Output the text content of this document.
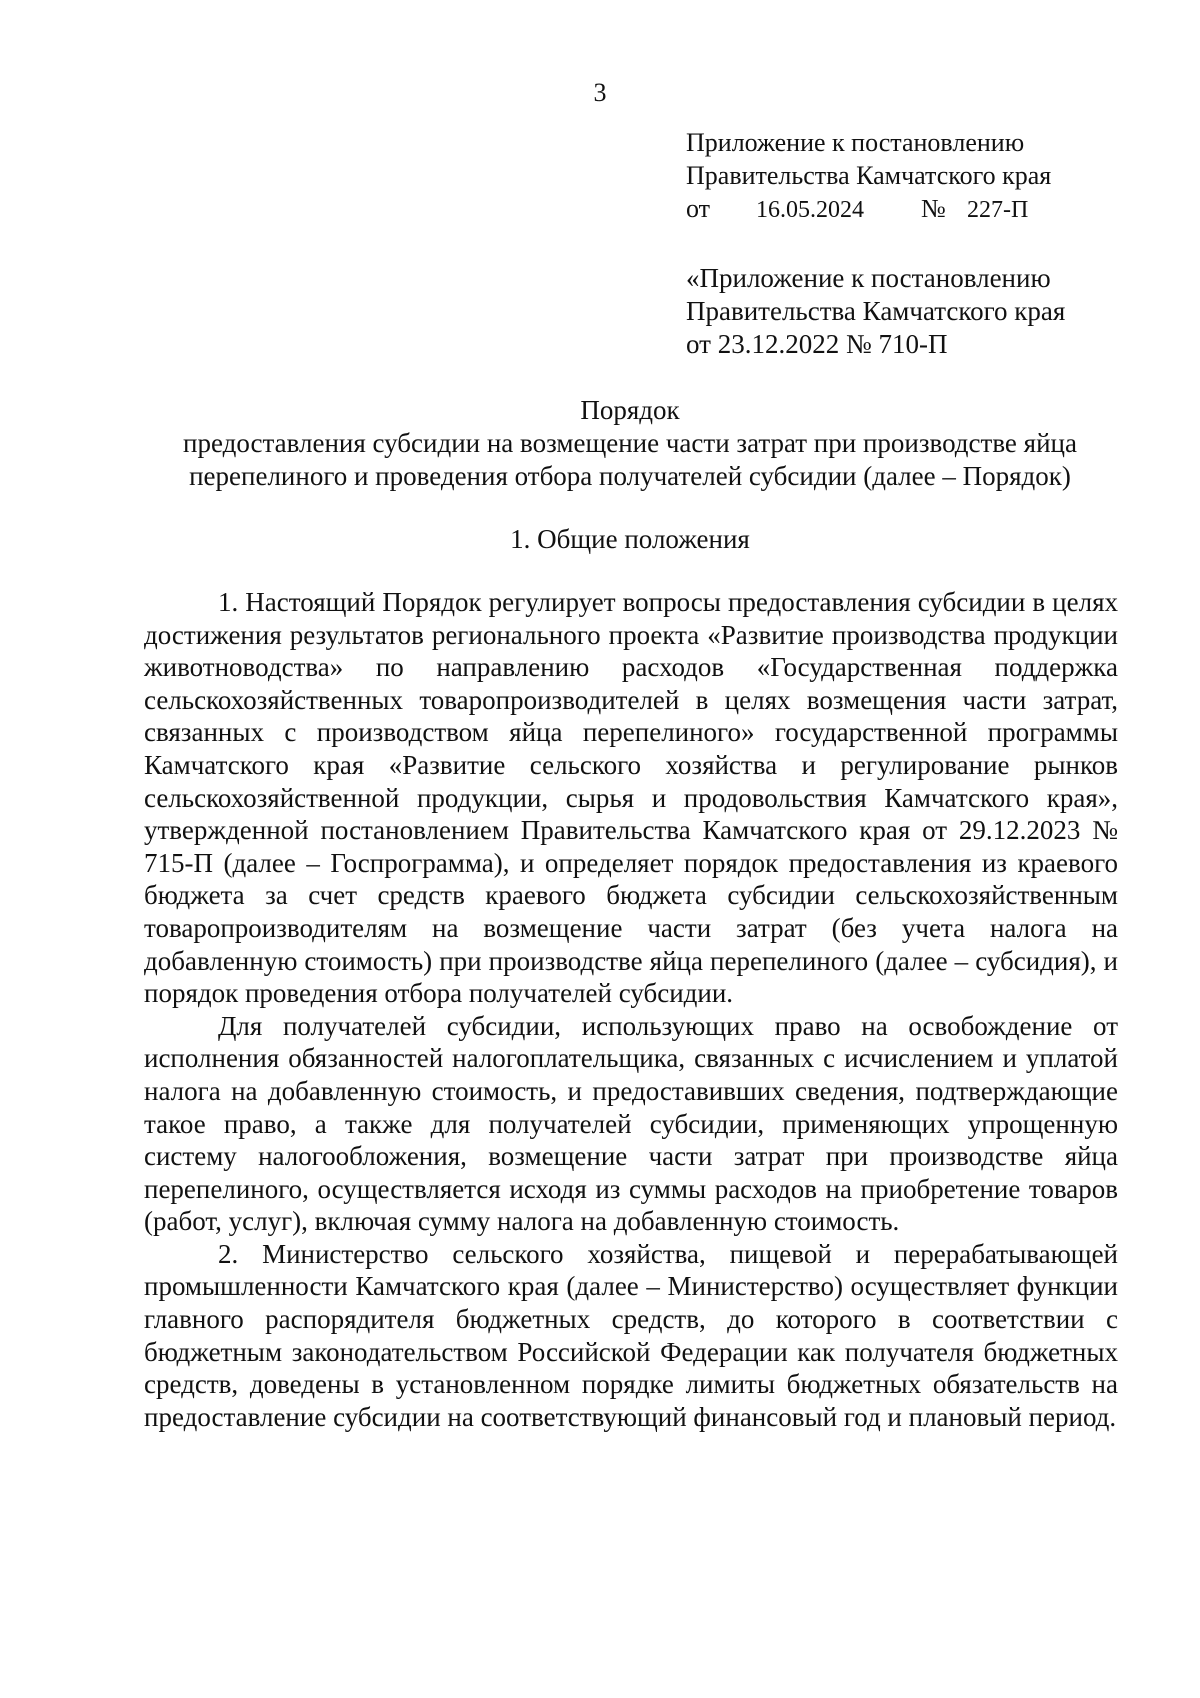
3
Приложение к постановлению
Правительства Камчатского края
от 16.05.2024 № 227-П
«Приложение к постановлению
Правительства Камчатского края
от 23.12.2022 № 710-П
Порядок
предоставления субсидии на возмещение части затрат при производстве яйца
перепелиного и проведения отбора получателей субсидии (далее – Порядок)
1. Общие положения

1. Настоящий Порядок регулирует вопросы предоставления субсидии в целях достижения результатов регионального проекта «Развитие производства продукции животноводства» по направлению расходов «Государственная поддержка сельскохозяйственных товаропроизводителей в целях возмещения части затрат, связанных с производством яйца перепелиного» государственной программы Камчатского края «Развитие сельского хозяйства и регулирование рынков сельскохозяйственной продукции, сырья и продовольствия Камчатского края», утвержденной постановлением Правительства Камчатского края от 29.12.2023 № 715-П (далее – Госпрограмма), и определяет порядок предоставления из краевого бюджета за счет средств краевого бюджета субсидии сельскохозяйственным товаропроизводителям на возмещение части затрат (без учета налога на добавленную стоимость) при производстве яйца перепелиного (далее – субсидия), и порядок проведения отбора получателей субсидии.

Для получателей субсидии, использующих право на освобождение от исполнения обязанностей налогоплательщика, связанных с исчислением и уплатой налога на добавленную стоимость, и предоставивших сведения, подтверждающие такое право, а также для получателей субсидии, применяющих упрощенную систему налогообложения, возмещение части затрат при производстве яйца перепелиного, осуществляется исходя из суммы расходов на приобретение товаров (работ, услуг), включая сумму налога на добавленную стоимость.

2. Министерство сельского хозяйства, пищевой и перерабатывающей промышленности Камчатского края (далее – Министерство) осуществляет функции главного распорядителя бюджетных средств, до которого в соответствии с бюджетным законодательством Российской Федерации как получателя бюджетных средств, доведены в установленном порядке лимиты бюджетных обязательств на предоставление субсидии на соответствующий финансовый год и плановый период.
